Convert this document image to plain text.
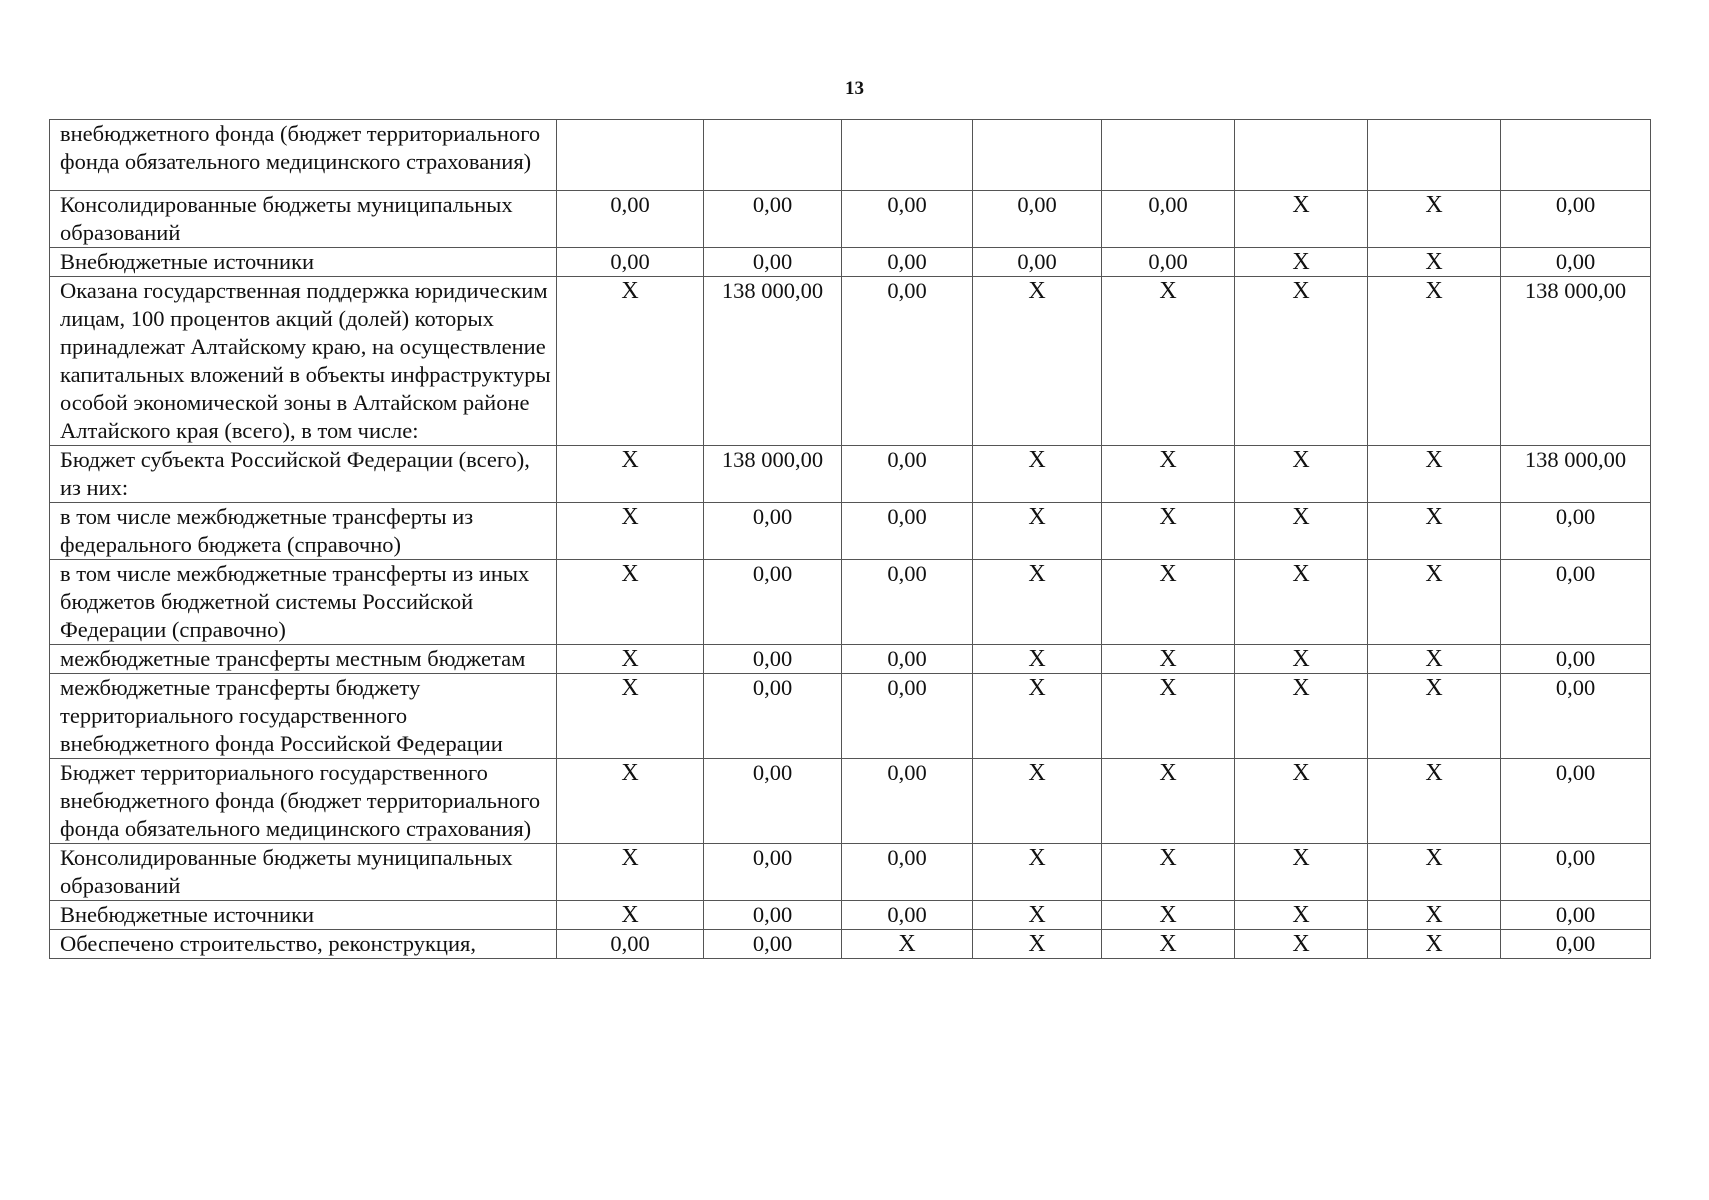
13
внебюджетного фонда (бюджет территориального фонда обязательного медицинского страхования)								
Консолидированные бюджеты муниципальных образований	0,00	0,00	0,00	0,00	0,00	X	X	0,00
Внебюджетные источники	0,00	0,00	0,00	0,00	0,00	X	X	0,00
Оказана государственная поддержка юридическим лицам, 100 процентов акций (долей) которых принадлежат Алтайскому краю, на осуществление капитальных вложений в объекты инфраструктуры особой экономической зоны в Алтайском районе Алтайского края (всего), в том числе:	X	138 000,00	0,00	X	X	X	X	138 000,00
Бюджет субъекта Российской Федерации (всего), из них:	X	138 000,00	0,00	X	X	X	X	138 000,00
в том числе межбюджетные трансферты из федерального бюджета (справочно)	X	0,00	0,00	X	X	X	X	0,00
в том числе межбюджетные трансферты из иных бюджетов бюджетной системы Российской Федерации (справочно)	X	0,00	0,00	X	X	X	X	0,00
межбюджетные трансферты местным бюджетам	X	0,00	0,00	X	X	X	X	0,00
межбюджетные трансферты бюджету территориального государственного внебюджетного фонда Российской Федерации	X	0,00	0,00	X	X	X	X	0,00
Бюджет территориального государственного внебюджетного фонда (бюджет территориального фонда обязательного медицинского страхования)	X	0,00	0,00	X	X	X	X	0,00
Консолидированные бюджеты муниципальных образований	X	0,00	0,00	X	X	X	X	0,00
Внебюджетные источники	X	0,00	0,00	X	X	X	X	0,00
Обеспечено строительство, реконструкция,	0,00	0,00	X	X	X	X	X	0,00
